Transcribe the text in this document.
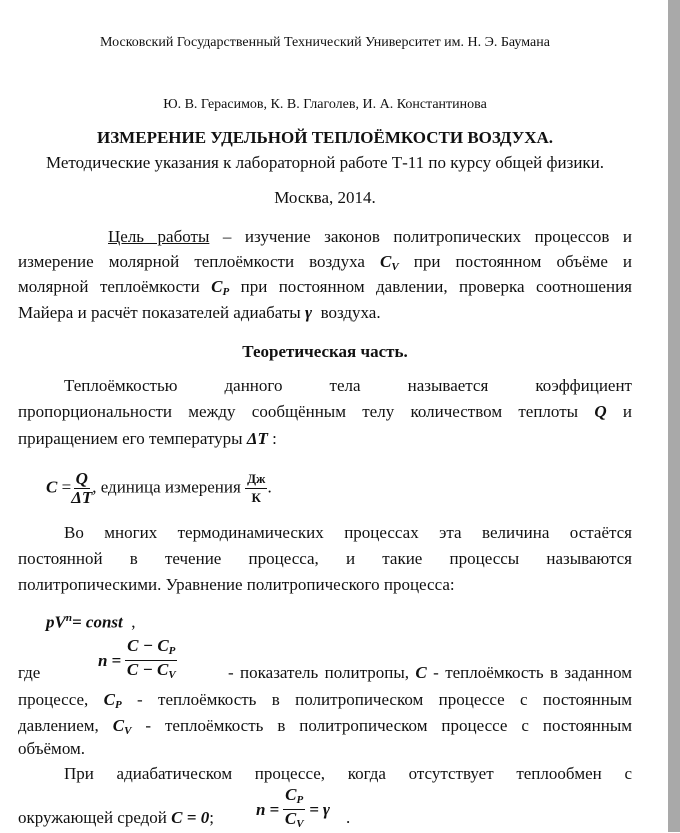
Московский Государственный Технический Университет им. Н. Э. Баумана
Ю. В. Герасимов, К. В. Глаголев, И. А. Константинова
ИЗМЕРЕНИЕ УДЕЛЬНОЙ ТЕПЛОЁМКОСТИ ВОЗДУХА.
Методические указания к лабораторной работе Т-11 по курсу общей физики.
Москва, 2014.
Цель работы – изучение законов политропических процессов и
измерение молярной теплоёмкости воздуха $C_V$ при постоянном объёме и
молярной теплоёмкости $C_P$ при постоянном давлении, проверка соотношения
Майера и расчёт показателей адиабаты γ воздуха.
Теоретическая часть.
Теплоёмкостью данного тела называется коэффициент
пропорциональности между сообщённым телу количеством теплоты Q и
приращением его температуры ΔT :
$C = \frac{Q}{\Delta T}$ , единица измерения $\frac{Дж}{К}$ .
Во многих термодинамических процессах эта величина остаётся
постоянной в течение процесса, и такие процессы называются
политропическими. Уравнение политропического процесса:
$pV^n=$ const ,
где
$n = \frac{C - C_P}{C - C_V}$	- показатель политропы, C - теплоёмкость в заданном
процессе, $C_P$ - теплоёмкость в политропическом процессе с постоянным
давлением, $C_V$ - теплоёмкость в политропическом процессе с постоянным
объёмом.
При адиабатическом процессе, когда отсутствует теплообмен с
окружающей средой C = 0; $n = \frac{C_P}{C_V} = \gamma$ .
